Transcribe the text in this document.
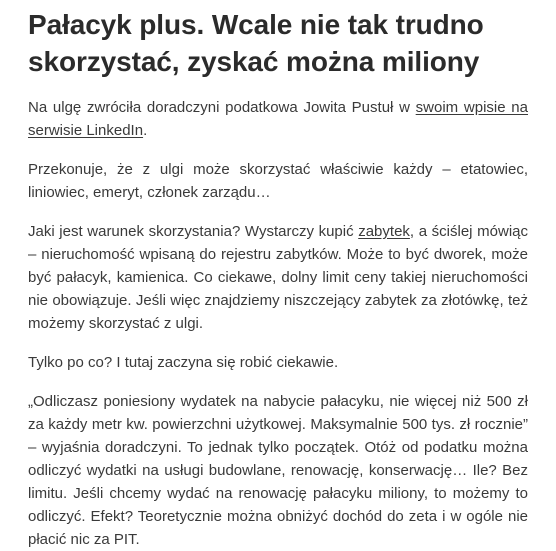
Pałacyk plus. Wcale nie tak trudno skorzystać, zyskać można miliony

Na ulgę zwróciła doradczyni podatkowa Jowita Pustuł w swoim wpisie na serwisie LinkedIn.

Przekonuje, że z ulgi może skorzystać właściwie każdy – etatowiec, liniowiec, emeryt, członek zarządu…

Jaki jest warunek skorzystania? Wystarczy kupić zabytek, a ściślej mówiąc – nieruchomość wpisaną do rejestru zabytków. Może to być dworek, może być pałacyk, kamienica. Co ciekawe, dolny limit ceny takiej nieruchomości nie obowiązuje. Jeśli więc znajdziemy niszczejący zabytek za złotówkę, też możemy skorzystać z ulgi.

Tylko po co? I tutaj zaczyna się robić ciekawie.

„Odliczasz poniesiony wydatek na nabycie pałacyku, nie więcej niż 500 zł za każdy metr kw. powierzchni użytkowej. Maksymalnie 500 tys. zł rocznie” – wyjaśnia doradczyni. To jednak tylko początek. Otóż od podatku można odliczyć wydatki na usługi budowlane, renowację, konserwację… Ile? Bez limitu. Jeśli chcemy wydać na renowację pałacyku miliony, to możemy to odliczyć. Efekt? Teoretycznie można obniżyć dochód do zeta i w ogóle nie płacić nic za PIT.
